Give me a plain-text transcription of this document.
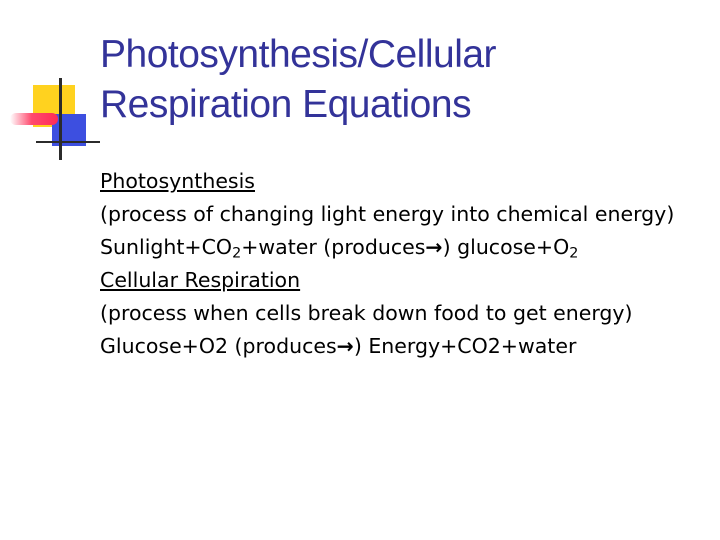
Photosynthesis/Cellular
Respiration Equations

Photosynthesis

(process of changing light energy into chemical energy)

$Sunlight+CO_2+water$ (produces→) $glucose+O_2$

Cellular Respiration

(process when cells break down food to get energy)

Glucose+O2 (produces→) Energy+CO2+water
